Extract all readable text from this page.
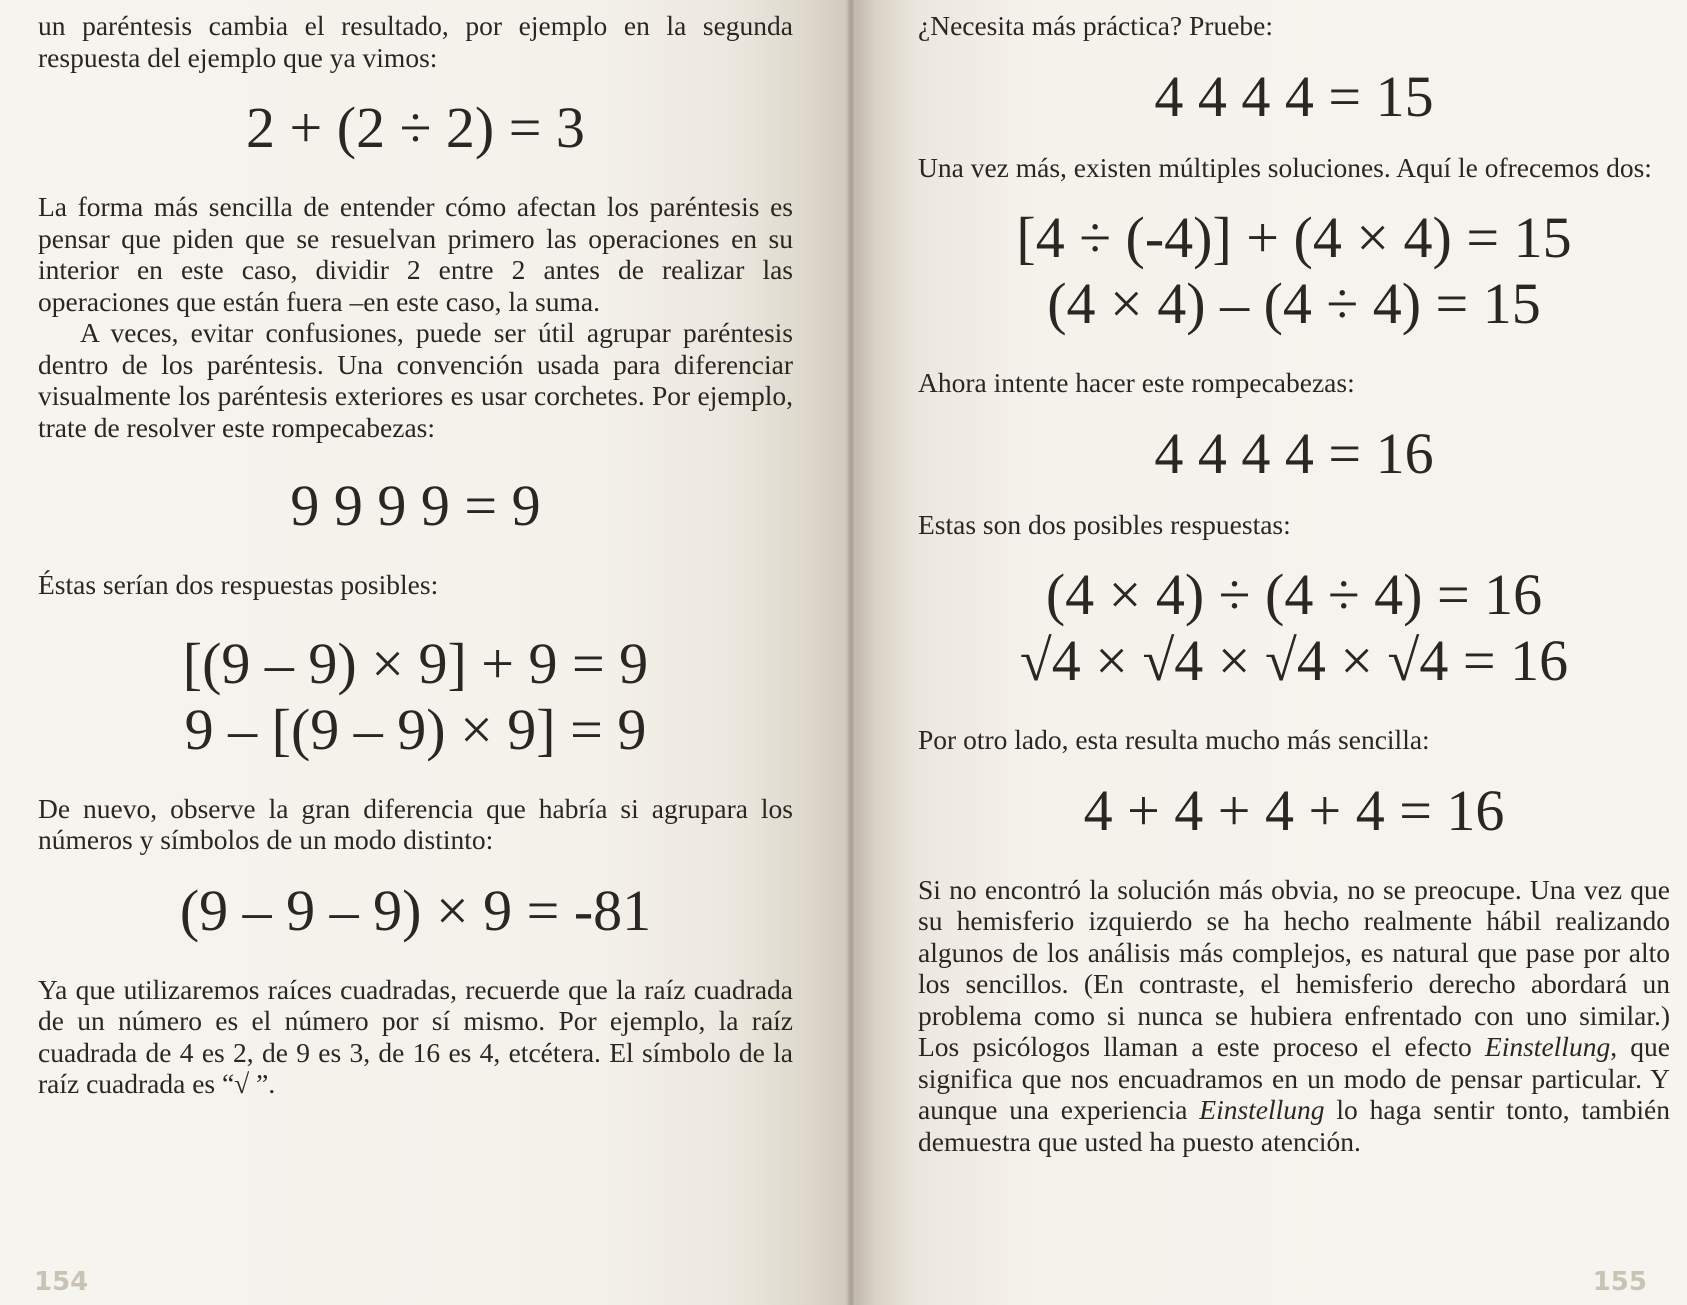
un paréntesis cambia el resultado, por ejemplo en la segunda respuesta del ejemplo que ya vimos:

2 + (2 ÷ 2) = 3

La forma más sencilla de entender cómo afectan los paréntesis es pensar que piden que se resuelvan primero las operaciones en su interior en este caso, dividir 2 entre 2 antes de realizar las operaciones que están fuera –en este caso, la suma.

A veces, evitar confusiones, puede ser útil agrupar paréntesis dentro de los paréntesis. Una convención usada para diferenciar visualmente los paréntesis exteriores es usar corchetes. Por ejemplo, trate de resolver este rompecabezas:

9 9 9 9 = 9

Éstas serían dos respuestas posibles:

[(9 – 9) × 9] + 9 = 9
9 – [(9 – 9) × 9] = 9

De nuevo, observe la gran diferencia que habría si agrupara los números y símbolos de un modo distinto:

(9 – 9 – 9) × 9 = -81

Ya que utilizaremos raíces cuadradas, recuerde que la raíz cuadrada de un número es el número por sí mismo. Por ejemplo, la raíz cuadrada de 4 es 2, de 9 es 3, de 16 es 4, etcétera. El símbolo de la raíz cuadrada es “√ ”.

¿Necesita más práctica? Pruebe:

4 4 4 4 = 15

Una vez más, existen múltiples soluciones. Aquí le ofrecemos dos:

[4 ÷ (-4)] + (4 × 4) = 15
(4 × 4) – (4 ÷ 4) = 15

Ahora intente hacer este rompecabezas:

4 4 4 4 = 16

Estas son dos posibles respuestas:

(4 × 4) ÷ (4 ÷ 4) = 16
√4 × √4 × √4 × √4 = 16

Por otro lado, esta resulta mucho más sencilla:

4 + 4 + 4 + 4 = 16

Si no encontró la solución más obvia, no se preocupe. Una vez que su hemisferio izquierdo se ha hecho realmente hábil realizando algunos de los análisis más complejos, es natural que pase por alto los sencillos. (En contraste, el hemisferio derecho abordará un problema como si nunca se hubiera enfrentado con uno similar.) Los psicólogos llaman a este proceso el efecto Einstellung, que significa que nos encuadramos en un modo de pensar particular. Y aunque una experiencia Einstellung lo haga sentir tonto, también demuestra que usted ha puesto atención.

154	155
